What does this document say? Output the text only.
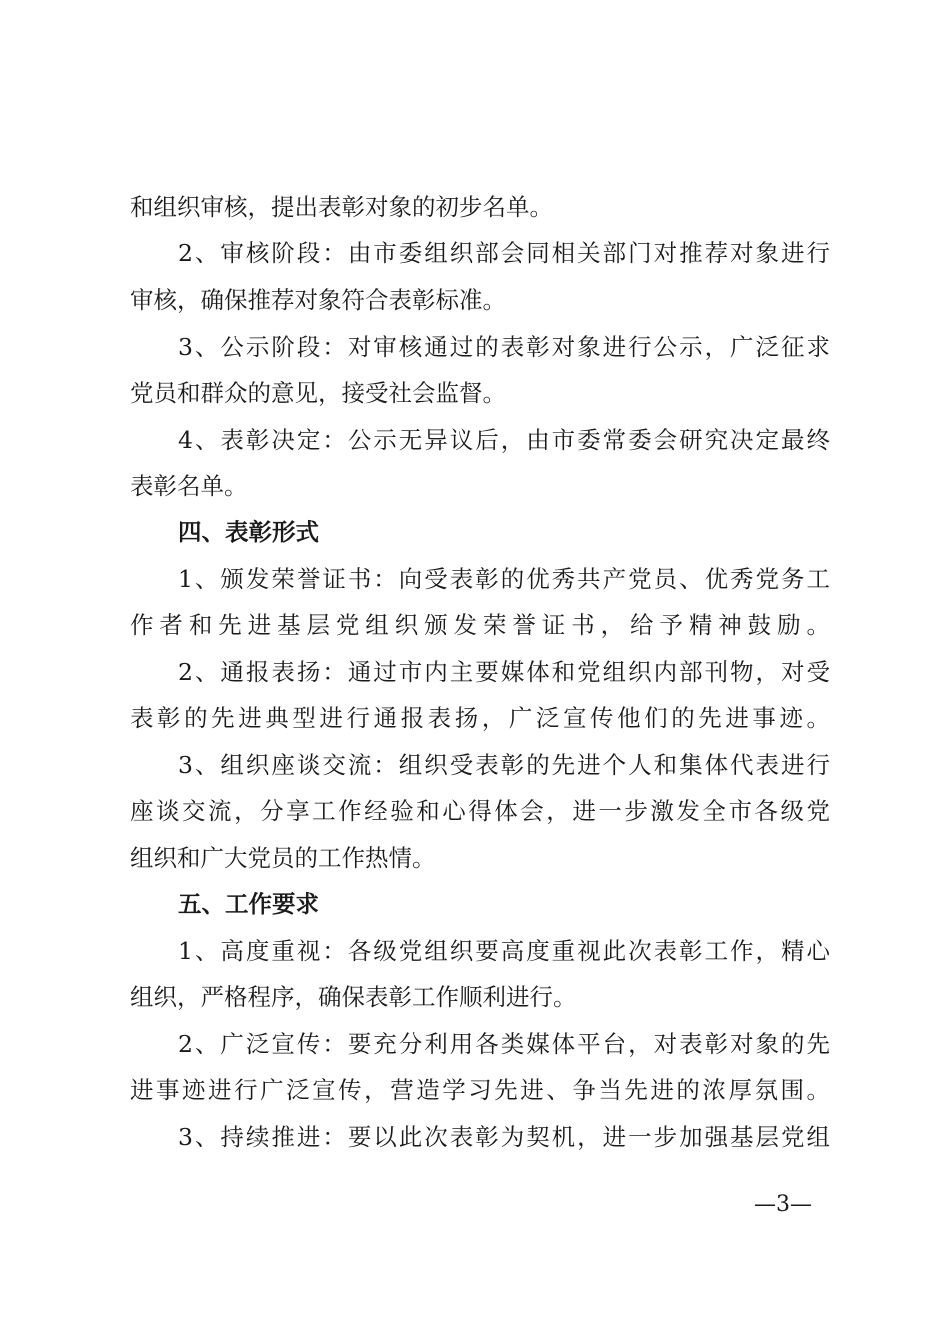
和组织审核，提出表彰对象的初步名单。
2、审核阶段：由市委组织部会同相关部门对推荐对象进行
审核，确保推荐对象符合表彰标准。
3、公示阶段：对审核通过的表彰对象进行公示，广泛征求
党员和群众的意见，接受社会监督。
4、表彰决定：公示无异议后，由市委常委会研究决定最终
表彰名单。
四、表彰形式
1、颁发荣誉证书：向受表彰的优秀共产党员、优秀党务工
作者和先进基层党组织颁发荣誉证书，给予精神鼓励。
2、通报表扬：通过市内主要媒体和党组织内部刊物，对受
表彰的先进典型进行通报表扬，广泛宣传他们的先进事迹。
3、组织座谈交流：组织受表彰的先进个人和集体代表进行
座谈交流，分享工作经验和心得体会，进一步激发全市各级党
组织和广大党员的工作热情。
五、工作要求
1、高度重视：各级党组织要高度重视此次表彰工作，精心
组织，严格程序，确保表彰工作顺利进行。
2、广泛宣传：要充分利用各类媒体平台，对表彰对象的先
进事迹进行广泛宣传，营造学习先进、争当先进的浓厚氛围。
3、持续推进：要以此次表彰为契机，进一步加强基层党组
—3—
